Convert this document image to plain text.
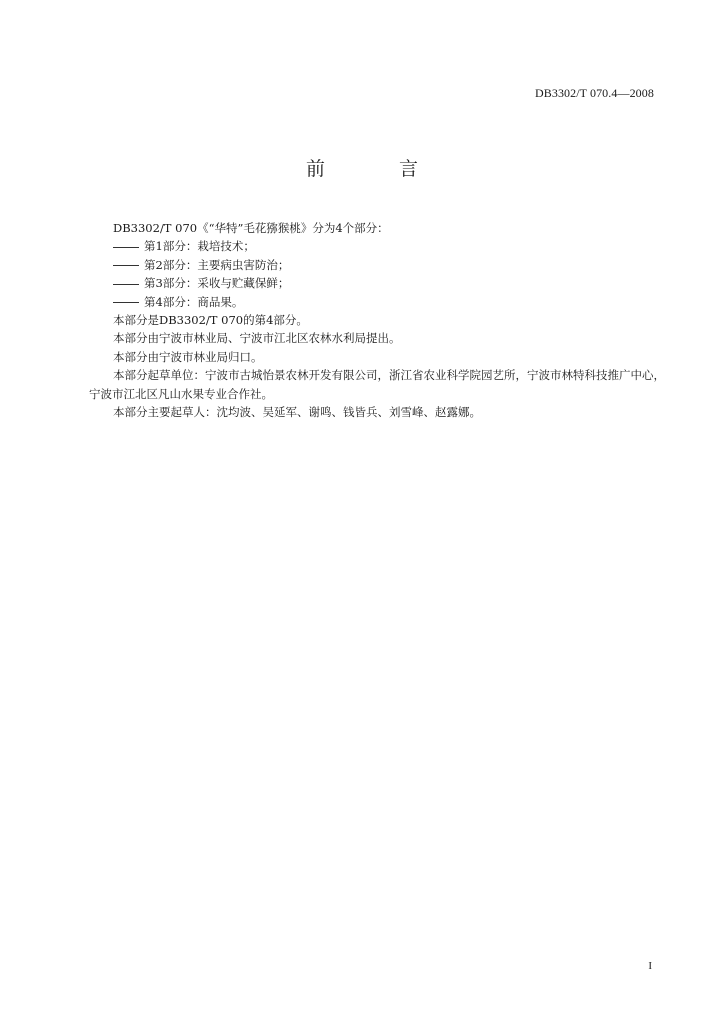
DB3302/T 070.4—2008
前 言

DB3302/T 070《“华特”毛花猕猴桃》分为4个部分：

第1部分：栽培技术；

第2部分：主要病虫害防治；

第3部分：采收与贮藏保鲜；

第4部分：商品果。

本部分是DB3302/T 070的第4部分。

本部分由宁波市林业局、宁波市江北区农林水利局提出。

本部分由宁波市林业局归口。

本部分起草单位：宁波市古城怡景农林开发有限公司，浙江省农业科学院园艺所，宁波市林特科技推广中心，宁波市江北区凡山水果专业合作社。

本部分主要起草人：沈均波、吴延军、谢鸣、钱皆兵、刘雪峰、赵露娜。

I
